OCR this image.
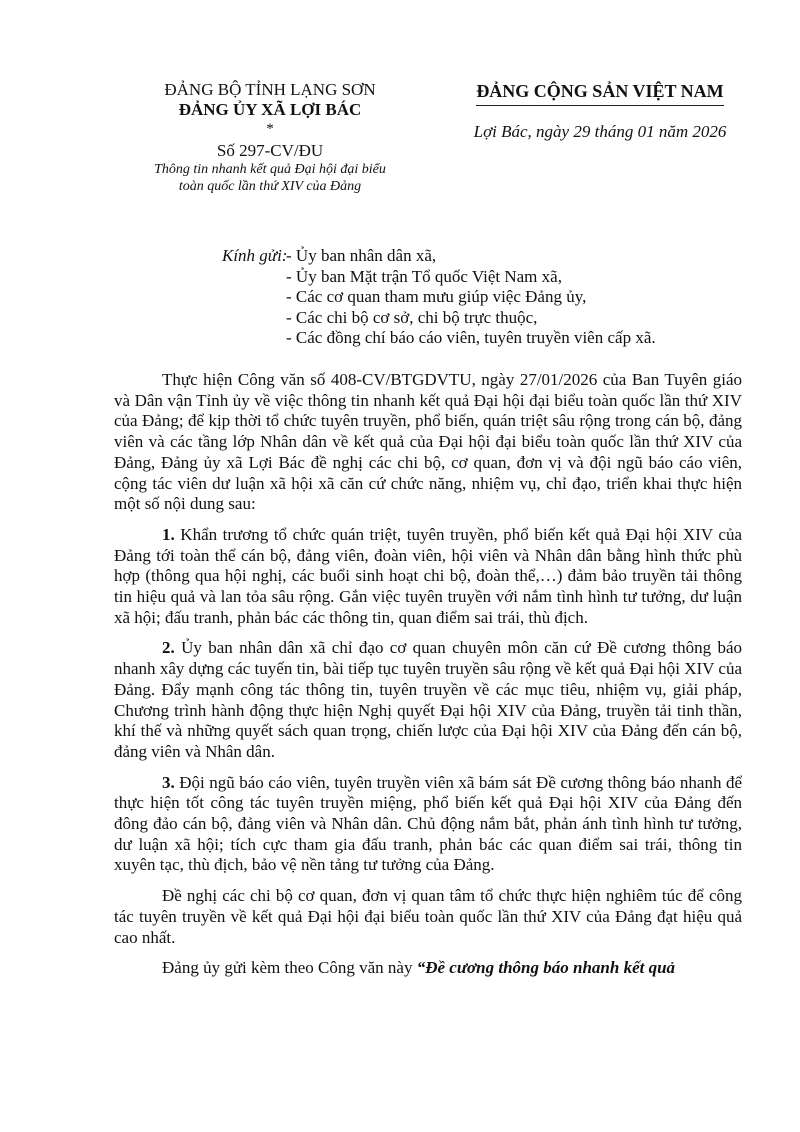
ĐẢNG BỘ TỈNH LẠNG SƠN
ĐẢNG ỦY XÃ LỢI BÁC
*
Số 297-CV/ĐU
Thông tin nhanh kết quả Đại hội đại biểu
toàn quốc lần thứ XIV của Đảng
ĐẢNG CỘNG SẢN VIỆT NAM
Lợi Bác, ngày 29 tháng 01 năm 2026
Kính gửi:
- Ủy ban nhân dân xã,
- Ủy ban Mặt trận Tổ quốc Việt Nam xã,
- Các cơ quan tham mưu giúp việc Đảng ủy,
- Các chi bộ cơ sở, chi bộ trực thuộc,
- Các đồng chí báo cáo viên, tuyên truyền viên cấp xã.

Thực hiện Công văn số 408-CV/BTGDVTU, ngày 27/01/2026 của Ban Tuyên giáo và Dân vận Tỉnh ủy về việc thông tin nhanh kết quả Đại hội đại biểu toàn quốc lần thứ XIV của Đảng; để kịp thời tổ chức tuyên truyền, phổ biến, quán triệt sâu rộng trong cán bộ, đảng viên và các tầng lớp Nhân dân về kết quả của Đại hội đại biểu toàn quốc lần thứ XIV của Đảng, Đảng ủy xã Lợi Bác đề nghị các chi bộ, cơ quan, đơn vị và đội ngũ báo cáo viên, cộng tác viên dư luận xã hội xã căn cứ chức năng, nhiệm vụ, chỉ đạo, triển khai thực hiện một số nội dung sau:

1. Khẩn trương tổ chức quán triệt, tuyên truyền, phổ biến kết quả Đại hội XIV của Đảng tới toàn thể cán bộ, đảng viên, đoàn viên, hội viên và Nhân dân bằng hình thức phù hợp (thông qua hội nghị, các buổi sinh hoạt chi bộ, đoàn thể,…) đảm bảo truyền tải thông tin hiệu quả và lan tỏa sâu rộng. Gắn việc tuyên truyền với nắm tình hình tư tưởng, dư luận xã hội; đấu tranh, phản bác các thông tin, quan điểm sai trái, thù địch.

2. Ủy ban nhân dân xã chỉ đạo cơ quan chuyên môn căn cứ Đề cương thông báo nhanh xây dựng các tuyến tin, bài tiếp tục tuyên truyền sâu rộng về kết quả Đại hội XIV của Đảng. Đẩy mạnh công tác thông tin, tuyên truyền về các mục tiêu, nhiệm vụ, giải pháp, Chương trình hành động thực hiện Nghị quyết Đại hội XIV của Đảng, truyền tải tinh thần, khí thế và những quyết sách quan trọng, chiến lược của Đại hội XIV của Đảng đến cán bộ, đảng viên và Nhân dân.

3. Đội ngũ báo cáo viên, tuyên truyền viên xã bám sát Đề cương thông báo nhanh để thực hiện tốt công tác tuyên truyền miệng, phổ biến kết quả Đại hội XIV của Đảng đến đông đảo cán bộ, đảng viên và Nhân dân. Chủ động nắm bắt, phản ánh tình hình tư tưởng, dư luận xã hội; tích cực tham gia đấu tranh, phản bác các quan điểm sai trái, thông tin xuyên tạc, thù địch, bảo vệ nền tảng tư tưởng của Đảng.

Đề nghị các chi bộ cơ quan, đơn vị quan tâm tổ chức thực hiện nghiêm túc để công tác tuyên truyền về kết quả Đại hội đại biểu toàn quốc lần thứ XIV của Đảng đạt hiệu quả cao nhất.

Đảng ủy gửi kèm theo Công văn này “Đề cương thông báo nhanh kết quả
